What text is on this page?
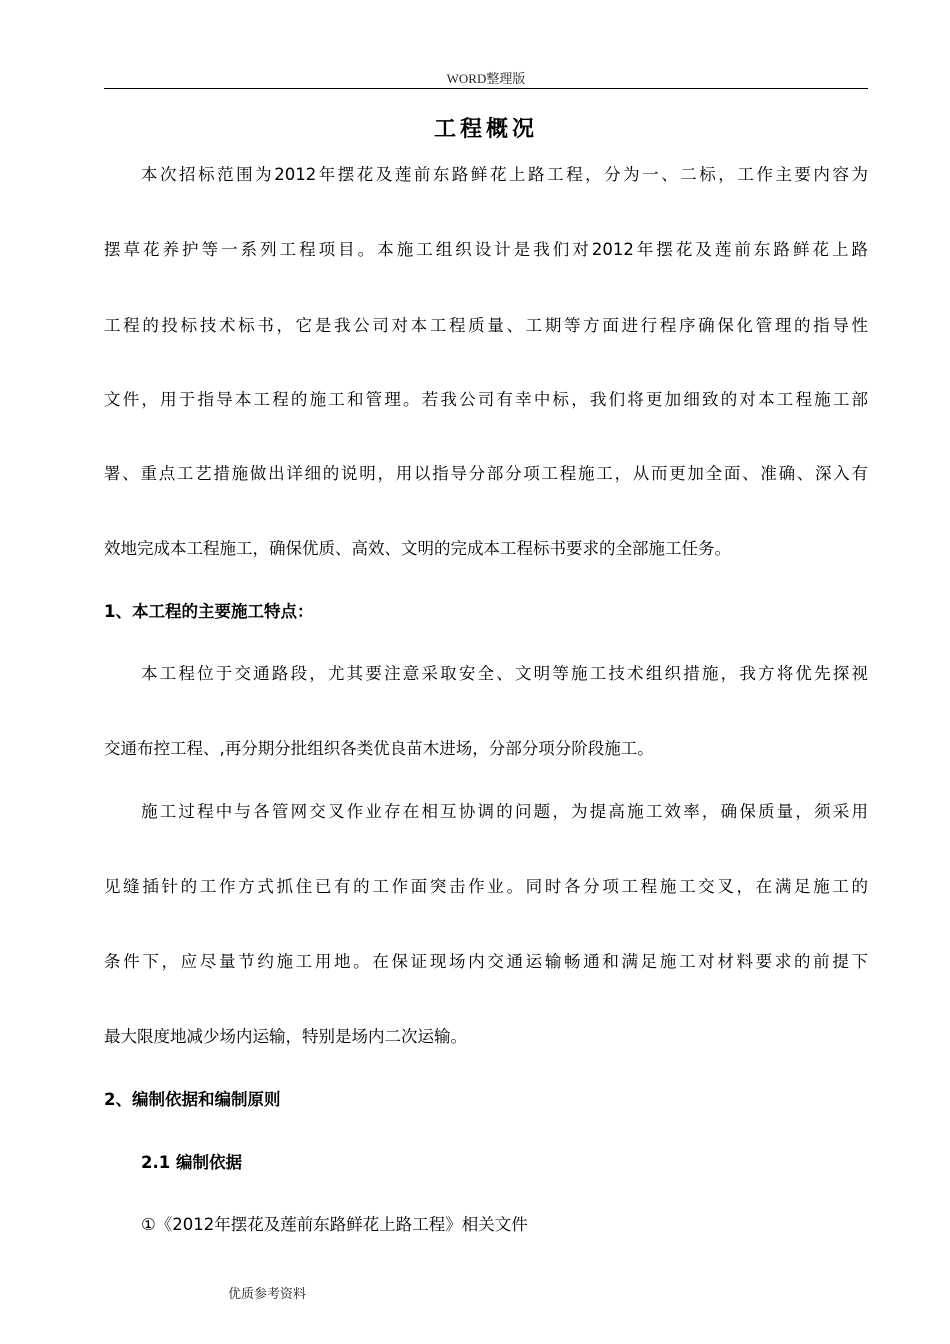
WORD整理版
工程概况
本次招标范围为2012年摆花及莲前东路鲜花上路工程，分为一、二标，工作主要内容为
摆草花养护等一系列工程项目。本施工组织设计是我们对2012年摆花及莲前东路鲜花上路
工程的投标技术标书，它是我公司对本工程质量、工期等方面进行程序确保化管理的指导性
文件，用于指导本工程的施工和管理。若我公司有幸中标，我们将更加细致的对本工程施工部
署、重点工艺措施做出详细的说明，用以指导分部分项工程施工，从而更加全面、准确、深入有
效地完成本工程施工，确保优质、高效、文明的完成本工程标书要求的全部施工任务。
1、本工程的主要施工特点：
本工程位于交通路段，尤其要注意采取安全、文明等施工技术组织措施，我方将优先探视
交通布控工程、,再分期分批组织各类优良苗木进场，分部分项分阶段施工。
施工过程中与各管网交叉作业存在相互协调的问题，为提高施工效率，确保质量，须采用
见缝插针的工作方式抓住已有的工作面突击作业。同时各分项工程施工交叉，在满足施工的
条件下，应尽量节约施工用地。在保证现场内交通运输畅通和满足施工对材料要求的前提下
最大限度地减少场内运输，特别是场内二次运输。
2、编制依据和编制原则
2.1 编制依据
①《2012年摆花及莲前东路鲜花上路工程》相关文件
优质参考资料
